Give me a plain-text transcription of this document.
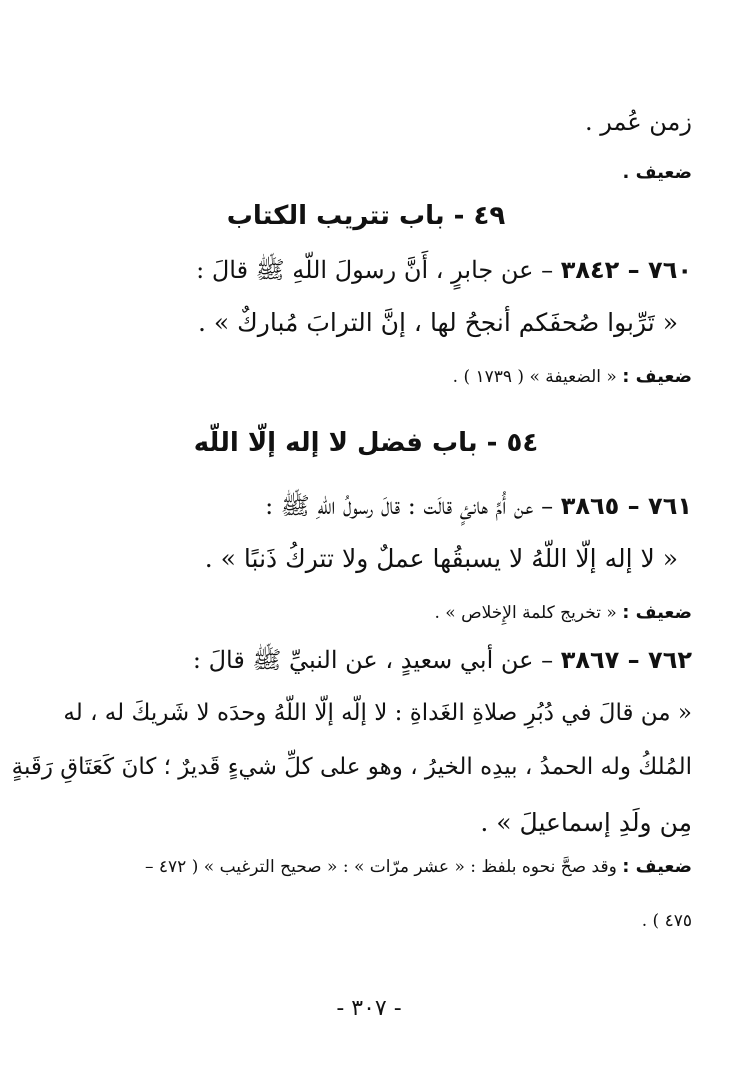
زمن عُمر .
ضعيف .
٤٩ - باب تتريب الكتاب
٧٦٠ – ٣٨٤٢ – عن جابرٍ ، أَنَّ رسولَ اللّهِ ﷺ قالَ :
« تَرِّبوا صُحفَكم أنجحُ لها ، إنَّ الترابَ مُباركٌ » .
ضعيف : « الضعيفة » ( ١٧٣٩ ) .
٥٤ - باب فضل لا إله إلّا اللّه
٧٦١ – ٣٨٦٥ – عن أُمِّ هانئٍ قالَت : قالَ رسولُ اللّهِ ﷺ :
« لا إله إلّا اللّهُ لا يسبقُها عملٌ ولا تتركُ ذَنبًا » .
ضعيف : « تخريج كلمة الإِخلاص » .
٧٦٢ – ٣٨٦٧ – عن أبي سعيدٍ ، عن النبيِّ ﷺ قالَ :
« من قالَ في دُبُرِ صلاةِ الغَداةِ : لا إلّه إلّا اللّهُ وحدَه لا شَريكَ له ، له
المُلكُ وله الحمدُ ، بيدِه الخيرُ ، وهو على كلِّ شيءٍ قَديرٌ ؛ كانَ كَعَتَاقِ رَقَبةٍ
مِن ولَدِ إسماعيلَ » .
ضعيف : وقد صحَّ نحوه بلفظ : « عشر مرّات » : « صحيح الترغيب » ( ٤٧٢ –
٤٧٥ ) .
- ٣٠٧ -
